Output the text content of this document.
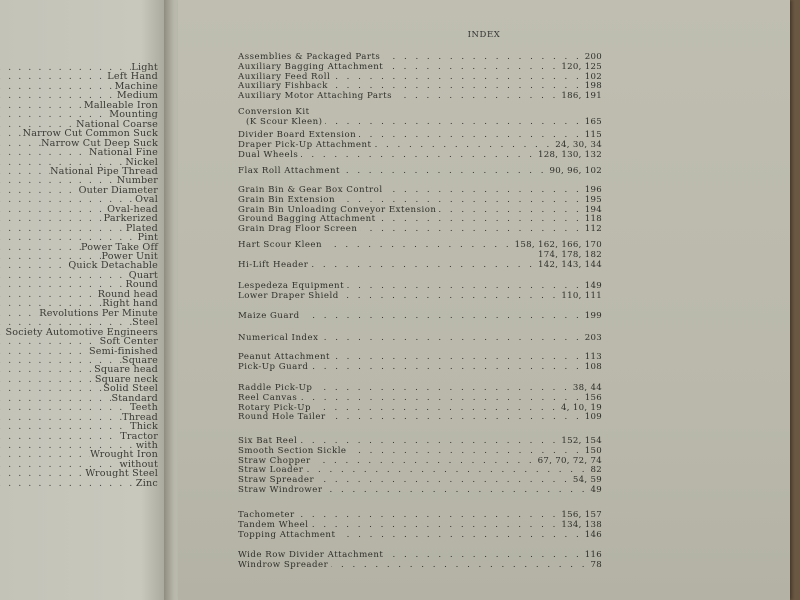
. . .
Light
. . .
Left Hand
. . .
Machine
. . .
Medium
. . .
Malleable Iron
. . .
Mounting
. . .
National Coarse
. . .
Narrow Cut Common Suck
. . .
Narrow Cut Deep Suck
. . .
National Fine
. . .
Nickel
. . .
National Pipe Thread
. . .
Number
. . .
Outer Diameter
. . .
Oval
. . .
Oval-head
. . .
Parkerized
. . .
Plated
. . .
Pint
. . .
Power Take Off
. . .
Power Unit
. . .
Quick Detachable
. . .
Quart
. . .
Round
. . .
Round head
. . .
Right hand
. . .
Revolutions Per Minute
. . .
Steel
. . .
Society Automotive Engineers
. . .
Soft Center
. . .
Semi-finished
. . .
Square
. . .
Square head
. . .
Square neck
. . .
Solid Steel
. . .
Standard
. . .
Teeth
. . .
Thread
. . .
Thick
. . .
Tractor
. . .
with
. . .
Wrought Iron
. . .
without
. . .
Wrought Steel
. . .
Zinc
INDEX
Assemblies & Packaged Parts . . .	200
Auxiliary Bagging Attachment . . .	120, 125
Auxiliary Feed Roll . . .	102
Auxiliary Fishback . . .	198
Auxiliary Motor Attaching Parts . . .	186, 191
Conversion Kit
(K Scour Kleen) . . .	165
Divider Board Extension . . .	115
Draper Pick-Up Attachment . . .	24, 30, 34
Dual Wheels . . .	128, 130, 132
Flax Roll Attachment . . .	90, 96, 102
Grain Bin & Gear Box Control . . .	196
Grain Bin Extension . . .	195
Grain Bin Unloading Conveyor Extension . . .	194
Ground Bagging Attachment . . .	118
Grain Drag Floor Screen . . .	112
Hart Scour Kleen . . .	158, 162, 166, 170
174, 178, 182
Hi-Lift Header . . .	142, 143, 144
Lespedeza Equipment . . .	149
Lower Draper Shield . . .	110, 111
Maize Guard . . .	199
Numerical Index . . .	203
Peanut Attachment . . .	113
Pick-Up Guard . . .	108
Raddle Pick-Up . . .	38, 44
Reel Canvas . . .	156
Rotary Pick-Up . . .	4, 10, 19
Round Hole Tailer . . .	109
Six Bat Reel . . .	152, 154
Smooth Section Sickle . . .	150
Straw Chopper . . .	67, 70, 72, 74
Straw Loader . . .	82
Straw Spreader . . .	54, 59
Straw Windrower . . .	49
Tachometer . . .	156, 157
Tandem Wheel . . .	134, 138
Topping Attachment . . .	146
Wide Row Divider Attachment . . .	116
Windrow Spreader . . .	78
